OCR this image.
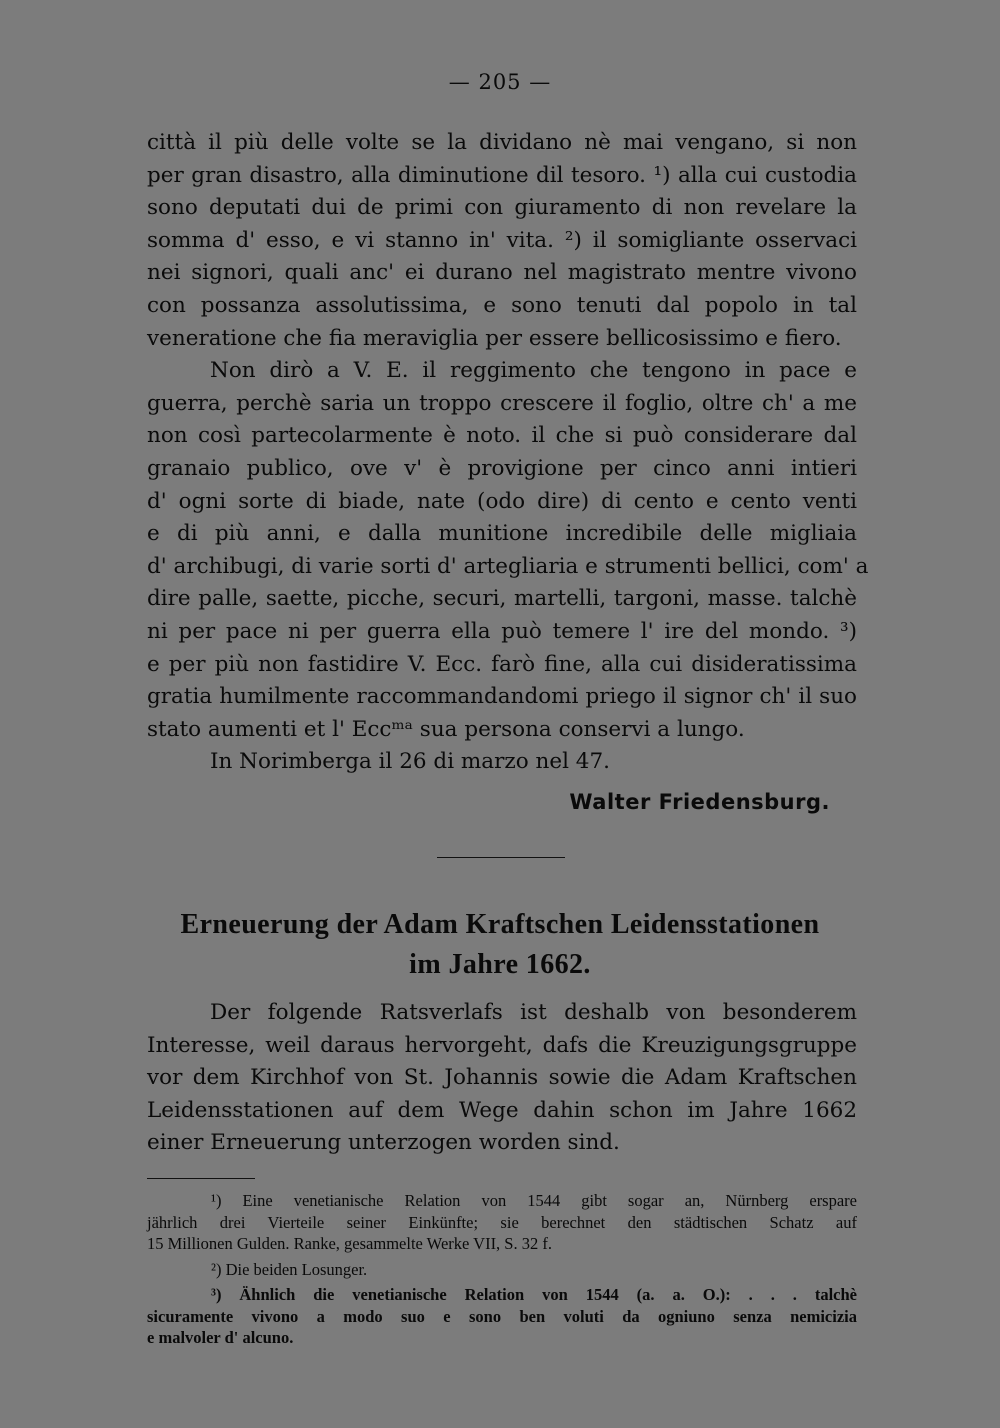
— 205 —
città il più delle volte se la dividano nè mai vengano, si non
per gran disastro, alla diminutione dil tesoro. ¹) alla cui custodia
sono deputati dui de primi con giuramento di non revelare la
somma d' esso, e vi stanno in' vita. ²) il somigliante osservaci
nei signori, quali anc' ei durano nel magistrato mentre vivono
con possanza assolutissima, e sono tenuti dal popolo in tal
veneratione che fia meraviglia per essere bellicosissimo e fiero.
Non dirò a V. E. il reggimento che tengono in pace e
guerra, perchè saria un troppo crescere il foglio, oltre ch' a me
non così partecolarmente è noto. il che si può considerare dal
granaio publico, ove v' è provigione per cinco anni intieri
d' ogni sorte di biade, nate (odo dire) di cento e cento venti
e di più anni, e dalla munitione incredibile delle migliaia
d' archibugi, di varie sorti d' artegliaria e strumenti bellici, com' a
dire palle, saette, picche, securi, martelli, targoni, masse. talchè
ni per pace ni per guerra ella può temere l' ire del mondo. ³)
e per più non fastidire V. Ecc. farò fine, alla cui disideratissima
gratia humilmente raccommandandomi priego il signor ch' il suo
stato aumenti et l' Eccᵐᵃ sua persona conservi a lungo.
In Norimberga il 26 di marzo nel 47.
Walter Friedensburg.
Erneuerung der Adam Kraftschen Leidensstationen
im Jahre 1662.
Der folgende Ratsverlafs ist deshalb von besonderem
Interesse, weil daraus hervorgeht, dafs die Kreuzigungsgruppe
vor dem Kirchhof von St. Johannis sowie die Adam Kraftschen
Leidensstationen auf dem Wege dahin schon im Jahre 1662
einer Erneuerung unterzogen worden sind.
¹) Eine venetianische Relation von 1544 gibt sogar an, Nürnberg erspare
jährlich drei Vierteile seiner Einkünfte; sie berechnet den städtischen Schatz auf
15 Millionen Gulden. Ranke, gesammelte Werke VII, S. 32 f.
²) Die beiden Losunger.
³) Ähnlich die venetianische Relation von 1544 (a. a. O.): . . . talchè
sicuramente vivono a modo suo e sono ben voluti da ogniuno senza nemicizia
e malvoler d' alcuno.
